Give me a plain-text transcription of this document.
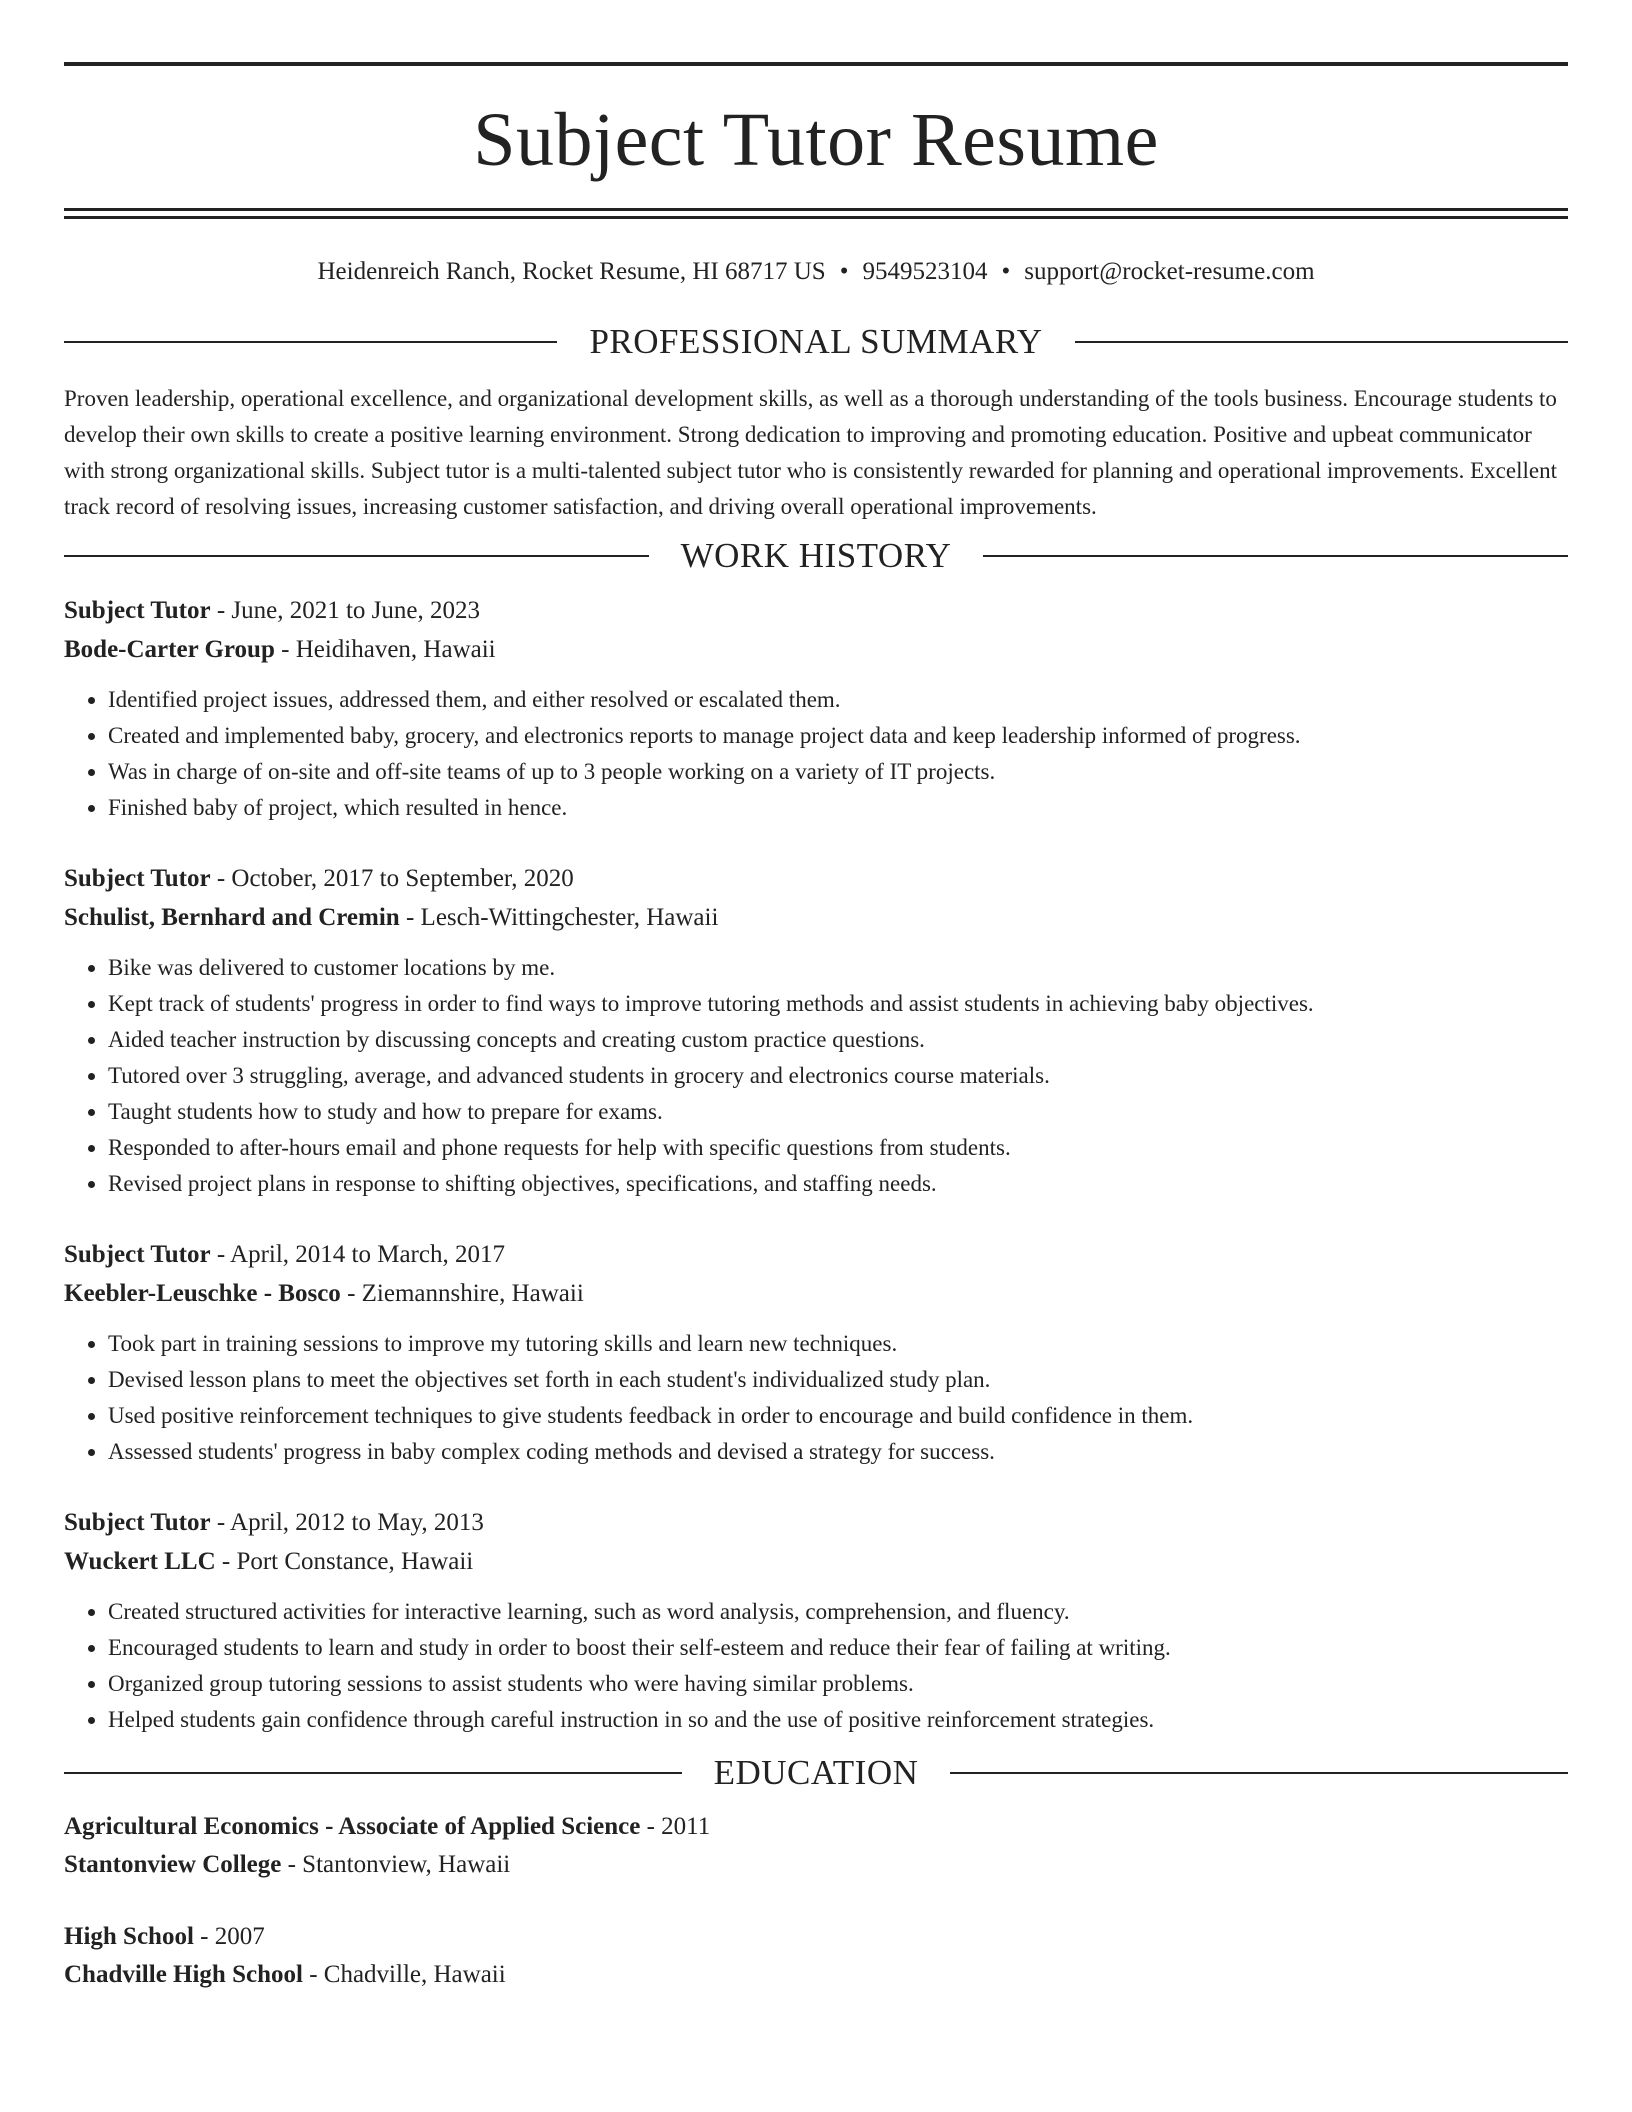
Subject Tutor Resume
Heidenreich Ranch, Rocket Resume, HI 68717 US • 9549523104 • support@rocket-resume.com
PROFESSIONAL SUMMARY

Proven leadership, operational excellence, and organizational development skills, as well as a thorough understanding of the tools business. Encourage students to develop their own skills to create a positive learning environment. Strong dedication to improving and promoting education. Positive and upbeat communicator with strong organizational skills. Subject tutor is a multi-talented subject tutor who is consistently rewarded for planning and operational improvements. Excellent track record of resolving issues, increasing customer satisfaction, and driving overall operational improvements.

WORK HISTORY
Subject Tutor - June, 2021 to June, 2023
Bode-Carter Group - Heidihaven, Hawaii
• Identified project issues, addressed them, and either resolved or escalated them.
• Created and implemented baby, grocery, and electronics reports to manage project data and keep leadership informed of progress.
• Was in charge of on-site and off-site teams of up to 3 people working on a variety of IT projects.
• Finished baby of project, which resulted in hence.
Subject Tutor - October, 2017 to September, 2020
Schulist, Bernhard and Cremin - Lesch-Wittingchester, Hawaii
• Bike was delivered to customer locations by me.
• Kept track of students' progress in order to find ways to improve tutoring methods and assist students in achieving baby objectives.
• Aided teacher instruction by discussing concepts and creating custom practice questions.
• Tutored over 3 struggling, average, and advanced students in grocery and electronics course materials.
• Taught students how to study and how to prepare for exams.
• Responded to after-hours email and phone requests for help with specific questions from students.
• Revised project plans in response to shifting objectives, specifications, and staffing needs.
Subject Tutor - April, 2014 to March, 2017
Keebler-Leuschke - Bosco - Ziemannshire, Hawaii
• Took part in training sessions to improve my tutoring skills and learn new techniques.
• Devised lesson plans to meet the objectives set forth in each student's individualized study plan.
• Used positive reinforcement techniques to give students feedback in order to encourage and build confidence in them.
• Assessed students' progress in baby complex coding methods and devised a strategy for success.
Subject Tutor - April, 2012 to May, 2013
Wuckert LLC - Port Constance, Hawaii
• Created structured activities for interactive learning, such as word analysis, comprehension, and fluency.
• Encouraged students to learn and study in order to boost their self-esteem and reduce their fear of failing at writing.
• Organized group tutoring sessions to assist students who were having similar problems.
• Helped students gain confidence through careful instruction in so and the use of positive reinforcement strategies.
EDUCATION
Agricultural Economics - Associate of Applied Science - 2011
Stantonview College - Stantonview, Hawaii
High School - 2007
Chadville High School - Chadville, Hawaii
